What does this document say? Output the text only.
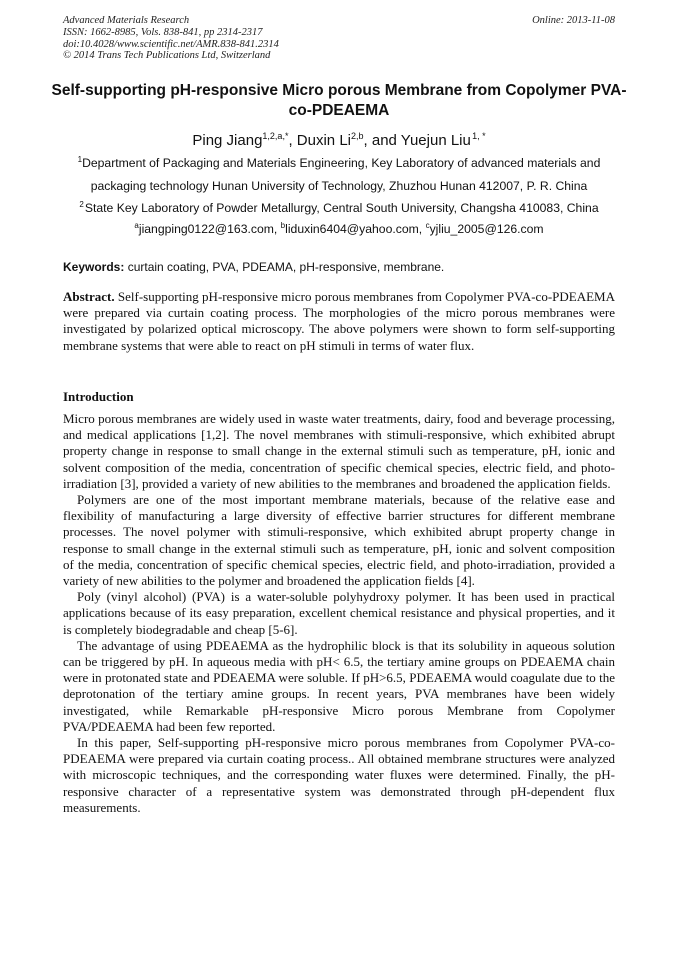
Advanced Materials Research
ISSN: 1662-8985, Vols. 838-841, pp 2314-2317
doi:10.4028/www.scientific.net/AMR.838-841.2314
© 2014 Trans Tech Publications Ltd, Switzerland
Online: 2013-11-08
Self-supporting pH-responsive Micro porous Membrane from Copolymer PVA-co-PDEAEMA
Ping Jiang$^{1,2,a,*}$, Duxin Li$^{2,b}$, and Yuejun Liu $^{1, *}$
$^1$Department of Packaging and Materials Engineering, Key Laboratory of advanced materials and
packaging technology Hunan University of Technology, Zhuzhou Hunan 412007, P. R. China
$^2$ State Key Laboratory of Powder Metallurgy, Central South University, Changsha 410083, China
$^a$jiangping0122@163.com, $^b$liduxin6404@yahoo.com, $^c$yjliu_2005@126.com
Keywords: curtain coating, PVA, PDEAMA, pH-responsive, membrane.
Abstract. Self-supporting pH-responsive micro porous membranes from Copolymer PVA-co-PDEAEMA were prepared via curtain coating process. The morphologies of the micro porous membranes were investigated by polarized optical microscopy. The above polymers were shown to form self-supporting membrane systems that were able to react on pH stimuli in terms of water flux.
Introduction

Micro porous membranes are widely used in waste water treatments, dairy, food and beverage processing, and medical applications [1,2]. The novel membranes with stimuli-responsive, which exhibited abrupt property change in response to small change in the external stimuli such as temperature, pH, ionic and solvent composition of the media, concentration of specific chemical species, electric field, and photo-irradiation [3], provided a variety of new abilities to the membranes and broadened the application fields.

Polymers are one of the most important membrane materials, because of the relative ease and flexibility of manufacturing a large diversity of effective barrier structures for different membrane processes. The novel polymer with stimuli-responsive, which exhibited abrupt property change in response to small change in the external stimuli such as temperature, pH, ionic and solvent composition of the media, concentration of specific chemical species, electric field, and photo-irradiation, provided a variety of new abilities to the polymer and broadened the application fields [4].

Poly (vinyl alcohol) (PVA) is a water-soluble polyhydroxy polymer. It has been used in practical applications because of its easy preparation, excellent chemical resistance and physical properties, and it is completely biodegradable and cheap [5-6].

The advantage of using PDEAEMA as the hydrophilic block is that its solubility in aqueous solution can be triggered by pH. In aqueous media with pH< 6.5, the tertiary amine groups on PDEAEMA chain were in protonated state and PDEAEMA were soluble. If pH>6.5, PDEAEMA would coagulate due to the deprotonation of the tertiary amine groups. In recent years, PVA membranes have been widely investigated, while Remarkable pH-responsive Micro porous Membrane from Copolymer PVA/PDEAEMA had been few reported.

In this paper, Self-supporting pH-responsive micro porous membranes from Copolymer PVA-co-PDEAEMA were prepared via curtain coating process.. All obtained membrane structures were analyzed with microscopic techniques, and the corresponding water fluxes were determined. Finally, the pH-responsive character of a representative system was demonstrated through pH-dependent flux measurements.
